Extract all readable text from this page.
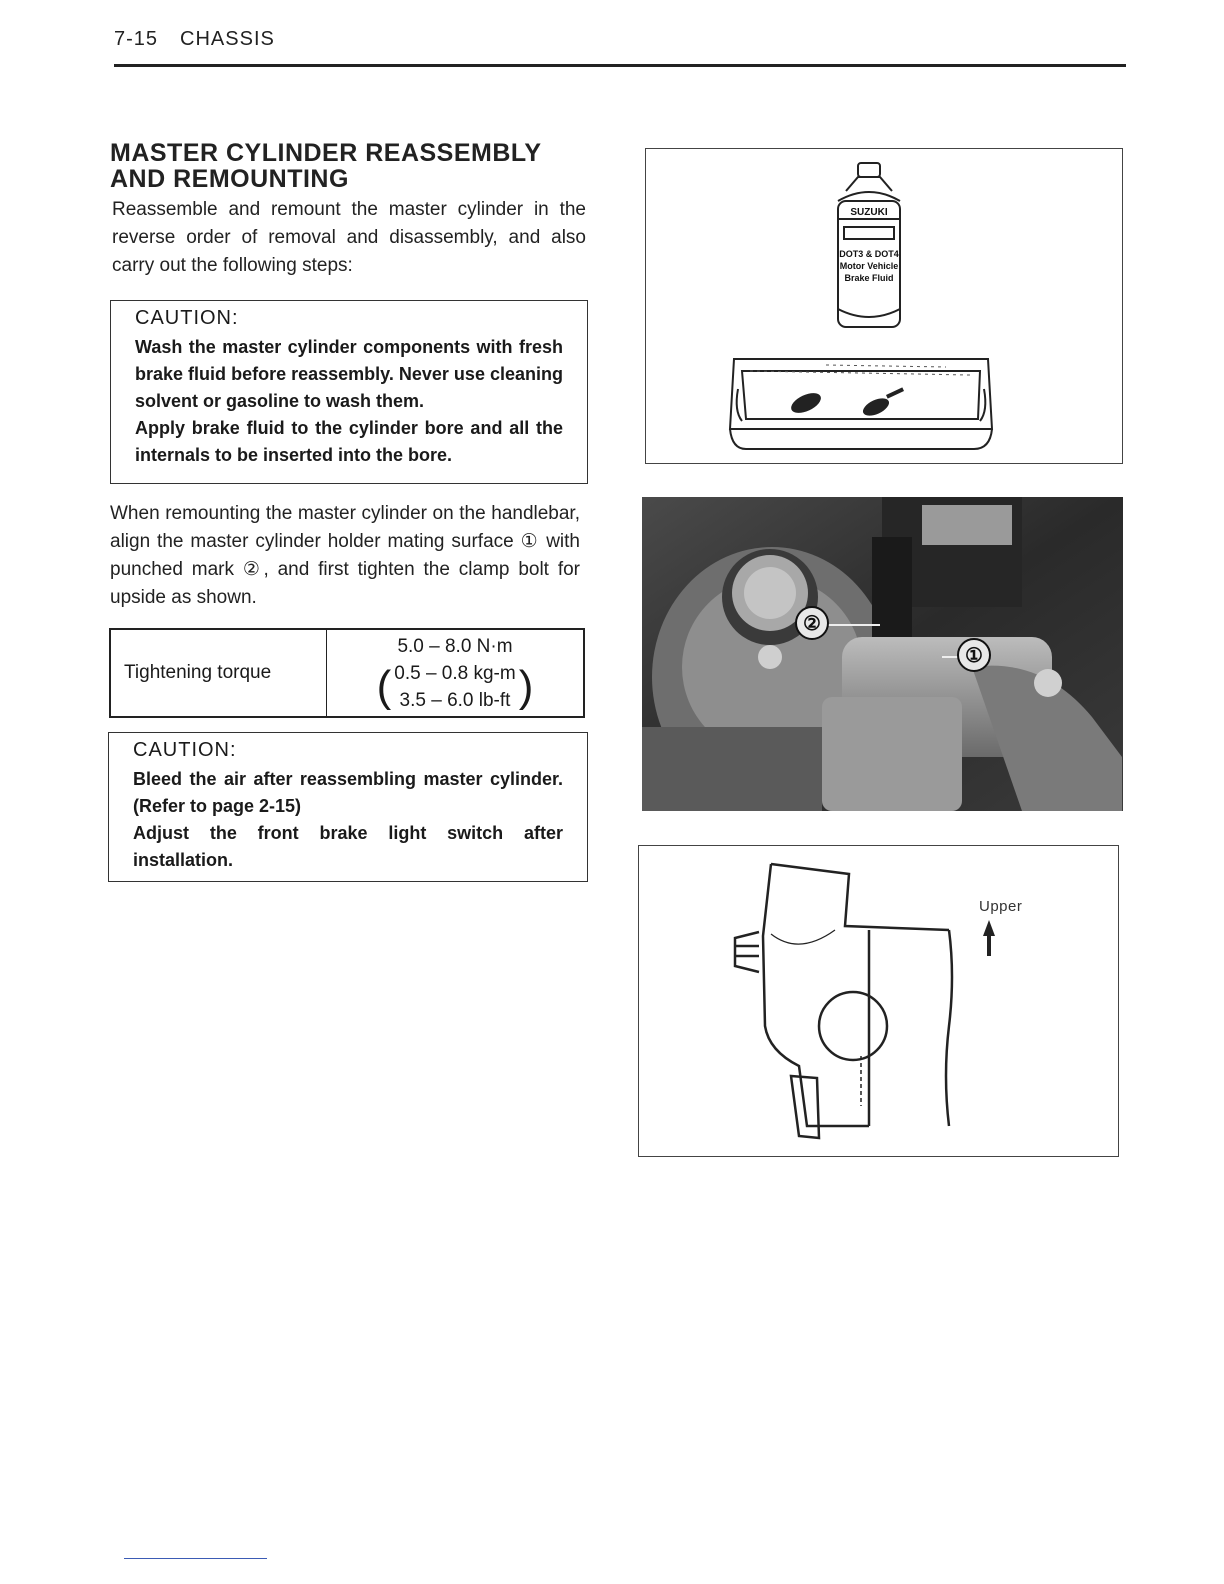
7-15 CHASSIS
MASTER CYLINDER REASSEMBLY AND REMOUNTING
Reassemble and remount the master cylinder in the reverse order of removal and disassembly, and also carry out the following steps:
CAUTION:
Wash the master cylinder components with fresh brake fluid before reassembly. Never use cleaning solvent or gasoline to wash them.
Apply brake fluid to the cylinder bore and all the internals to be inserted into the bore.
When remounting the master cylinder on the handlebar, align the master cylinder holder mating surface ① with punched mark ②, and first tighten the clamp bolt for upside as shown.
Tightening torque
5.0 – 8.0 N·m
( 0.5 – 0.8 kg-m
3.5 – 6.0 lb-ft )
CAUTION:
Bleed the air after reassembling master cylinder. (Refer to page 2-15)
Adjust the front brake light switch after installation.
SUZUKI
DOT3 & DOT4
Motor Vehicle
Brake Fluid
②
①
Upper
